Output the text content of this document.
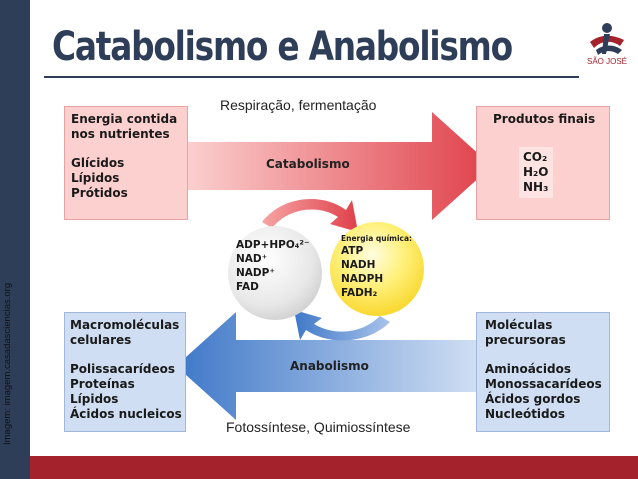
Imagem: imagem.casadasciencias.org
Catabolismo e Anabolismo	SÃO JOSÉ
Catabolismo
Anabolismo
Respiração, fermentação
Fotossíntese, Quimiossíntese
Energia contida
nos nutrientes
Glícidos
Lípidos
Prótidos
Produtos finais
CO₂
H₂O
NH₃
Macromoléculas
celulares
Polissacarídeos
Proteínas
Lípidos
Ácidos nucleicos
Moléculas
precursoras
Aminoácidos
Monossacarídeos
Ácidos gordos
Nucleótidos
ADP+HPO₄²⁻
NAD⁺
NADP⁺
FAD
Energia química:
ATP
NADH
NADPH
FADH₂
